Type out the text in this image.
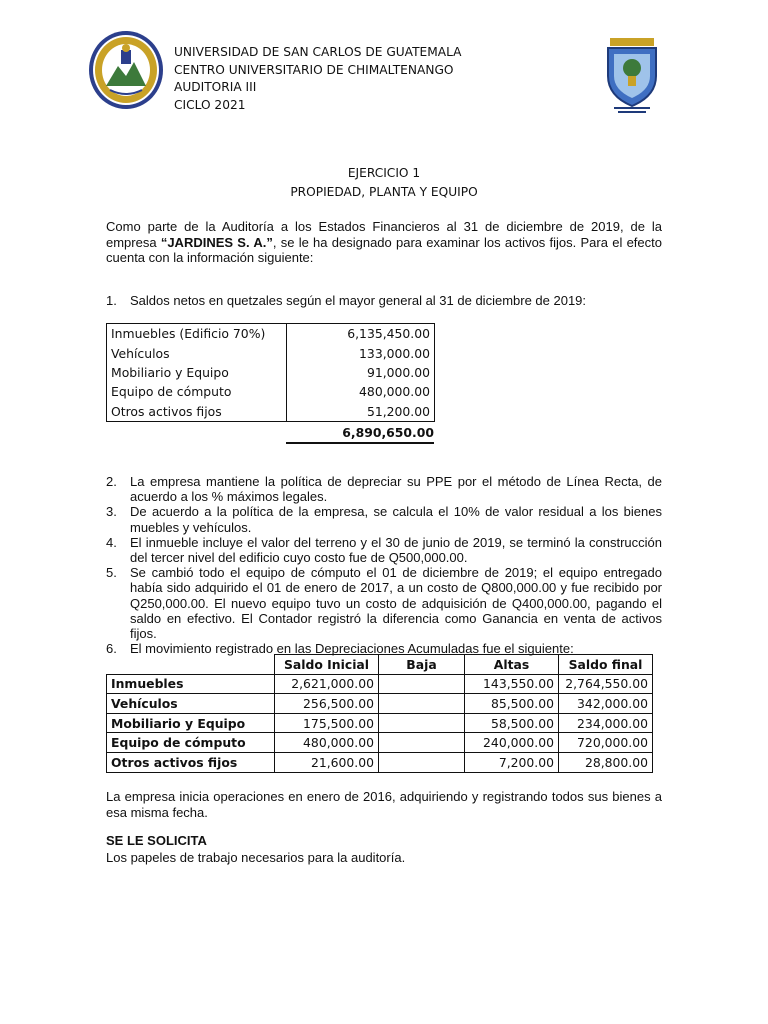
UNIVERSIDAD DE SAN CARLOS DE GUATEMALA
CENTRO UNIVERSITARIO DE CHIMALTENANGO
AUDITORIA III
CICLO 2021
EJERCICIO 1
PROPIEDAD, PLANTA Y EQUIPO
Como parte de la Auditoría a los Estados Financieros al 31 de diciembre de 2019, de la empresa “JARDINES S. A.”, se le ha designado para examinar los activos fijos. Para el efecto cuenta con la información siguiente:
1.	Saldos netos en quetzales según el mayor general al 31 de diciembre de 2019:
Inmuebles (Edificio 70%)	6,135,450.00
Vehículos	133,000.00
Mobiliario y Equipo	91,000.00
Equipo de cómputo	480,000.00
Otros activos fijos	51,200.00
6,890,650.00
2.	La empresa mantiene la política de depreciar su PPE por el método de Línea Recta, de acuerdo a los % máximos legales.
3.	De acuerdo a la política de la empresa, se calcula el 10% de valor residual a los bienes muebles y vehículos.
4.	El inmueble incluye el valor del terreno y el 30 de junio de 2019, se terminó la construcción del tercer nivel del edificio cuyo costo fue de Q500,000.00.
5.	Se cambió todo el equipo de cómputo el 01 de diciembre de 2019; el equipo entregado había sido adquirido el 01 de enero de 2017, a un costo de Q800,000.00 y fue recibido por Q250,000.00. El nuevo equipo tuvo un costo de adquisición de Q400,000.00, pagando el saldo en efectivo. El Contador registró la diferencia como Ganancia en venta de activos fijos.
6.	El movimiento registrado en las Depreciaciones Acumuladas fue el siguiente:
	Saldo Inicial	Baja	Altas	Saldo final
Inmuebles	2,621,000.00		143,550.00	2,764,550.00
Vehículos	256,500.00		85,500.00	342,000.00
Mobiliario y Equipo	175,500.00		58,500.00	234,000.00
Equipo de cómputo	480,000.00		240,000.00	720,000.00
Otros activos fijos	21,600.00		7,200.00	28,800.00
La empresa inicia operaciones en enero de 2016, adquiriendo y registrando todos sus bienes a esa misma fecha.
SE LE SOLICITA
Los papeles de trabajo necesarios para la auditoría.
